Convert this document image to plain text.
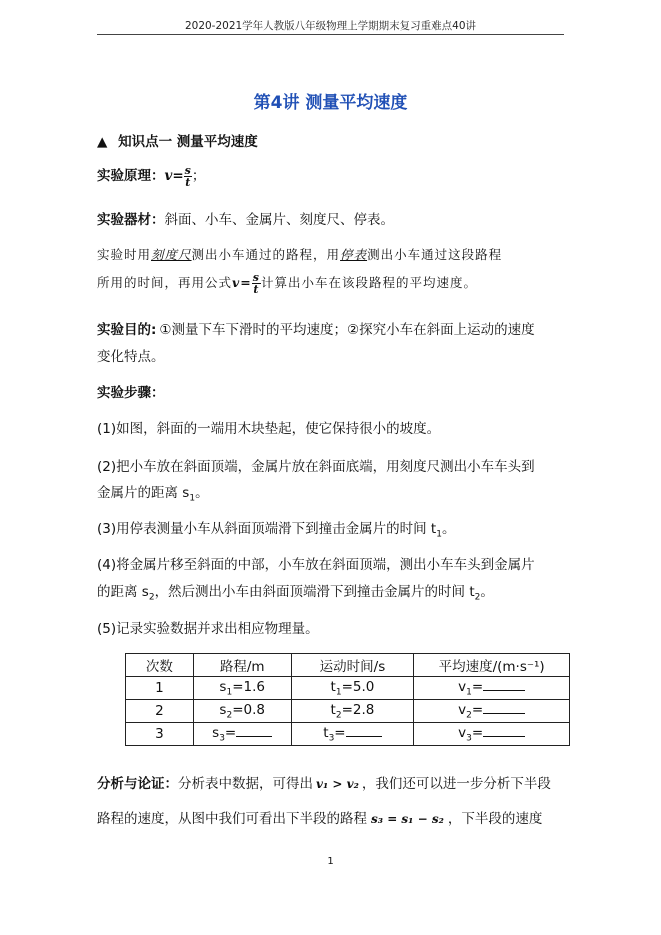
2020-2021学年人教版八年级物理上学期期末复习重难点40讲
第4讲 测量平均速度
▲ 知识点一 测量平均速度
实验原理：$v= \frac{s}{t}$ ；
实验器材：斜面、小车、金属片、刻度尺、停表。
实验时用刻度尺测出小车通过的路程，用停表测出小车通过这段路程
所用的时间，再用公式$v= \frac{s}{t}$ 计算出小车在该段路程的平均速度。
实验目的: ①测量下车下滑时的平均速度；②探究小车在斜面上运动的速度
变化特点。
实验步骤：
(1)如图，斜面的一端用木块垫起，使它保持很小的坡度。
(2)把小车放在斜面顶端，金属片放在斜面底端，用刻度尺测出小车车头到
金属片的距离 $s_1$。
(3)用停表测量小车从斜面顶端滑下到撞击金属片的时间 $t_1$。
(4)将金属片移至斜面的中部，小车放在斜面顶端，测出小车车头到金属片
的距离 $s_2$，然后测出小车由斜面顶端滑下到撞击金属片的时间 $t_2$。
(5)记录实验数据并求出相应物理量。
次数	路程/m	运动时间/s	平均速度/(m·s⁻¹)
1	$s_1=1.6$	$t_1=5.0$	$v_1=$
2	$s_2=0.8$	$t_2=2.8$	$v_2=$
3	$s_3=$	$t_3=$	$v_3=$
分析与论证：分析表中数据，可得出 v₁ > v₂ ，我们还可以进一步分析下半段
路程的速度，从图中我们可看出下半段的路程 s₃ = s₁ − s₂ ，下半段的速度
1
